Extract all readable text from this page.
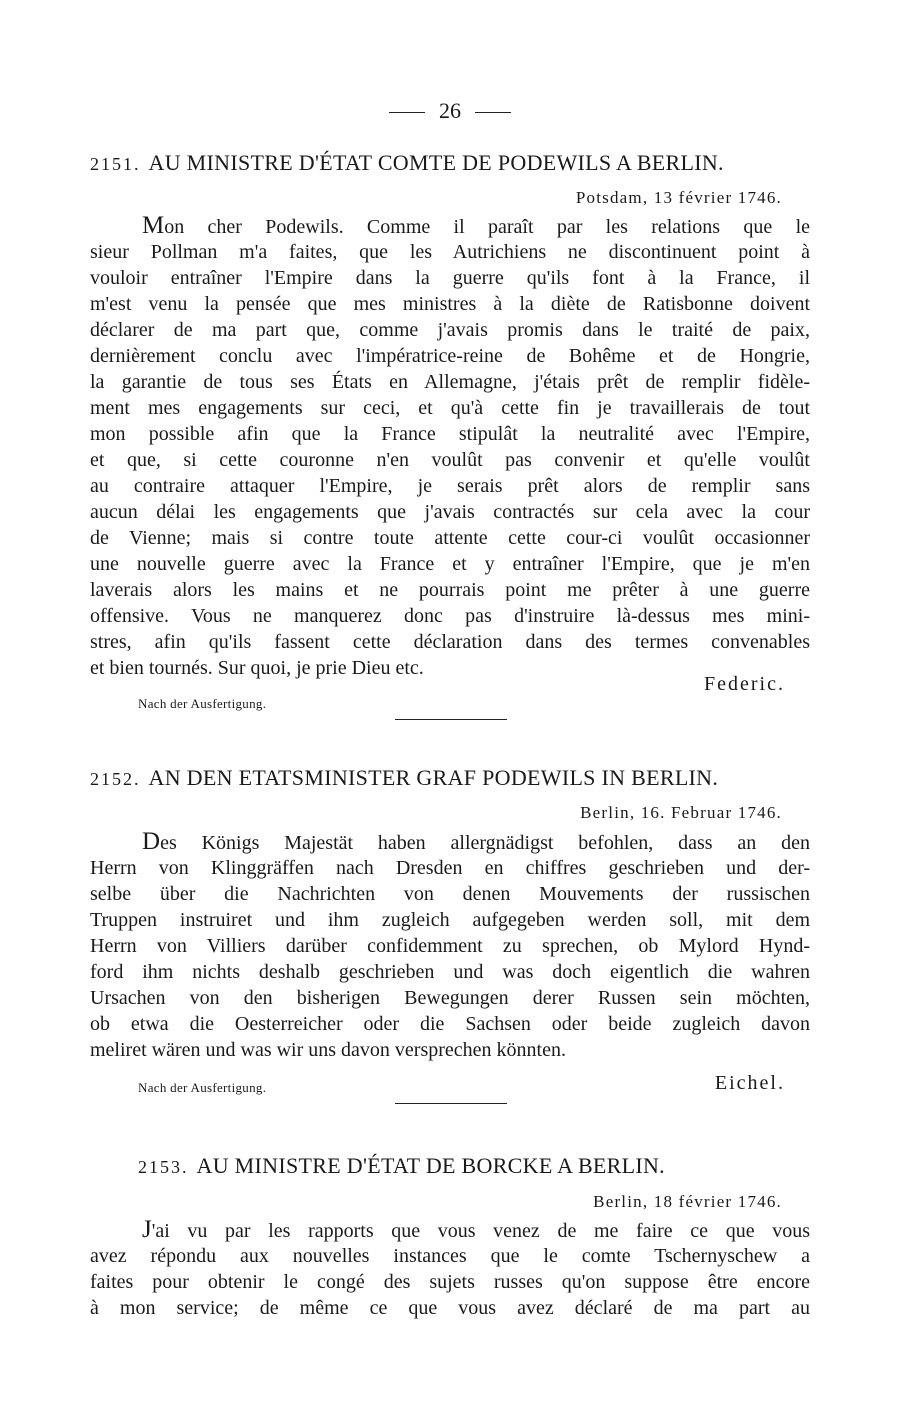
26
2151. AU MINISTRE D'ÉTAT COMTE DE PODEWILS A BERLIN.
Potsdam, 13 février 1746.
Mon cher Podewils. Comme il paraît par les relations que le
sieur Pollman m'a faites, que les Autrichiens ne discontinuent point à
vouloir entraîner l'Empire dans la guerre qu'ils font à la France, il
m'est venu la pensée que mes ministres à la diète de Ratisbonne doivent
déclarer de ma part que, comme j'avais promis dans le traité de paix,
dernièrement conclu avec l'impératrice-reine de Bohême et de Hongrie,
la garantie de tous ses États en Allemagne, j'étais prêt de remplir fidèle-
ment mes engagements sur ceci, et qu'à cette fin je travaillerais de tout
mon possible afin que la France stipulât la neutralité avec l'Empire,
et que, si cette couronne n'en voulût pas convenir et qu'elle voulût
au contraire attaquer l'Empire, je serais prêt alors de remplir sans
aucun délai les engagements que j'avais contractés sur cela avec la cour
de Vienne; mais si contre toute attente cette cour-ci voulût occasionner
une nouvelle guerre avec la France et y entraîner l'Empire, que je m'en
laverais alors les mains et ne pourrais point me prêter à une guerre
offensive. Vous ne manquerez donc pas d'instruire là-dessus mes mini-
stres, afin qu'ils fassent cette déclaration dans des termes convenables
et bien tournés. Sur quoi, je prie Dieu etc.
Federic.
Nach der Ausfertigung.
2152. AN DEN ETATSMINISTER GRAF PODEWILS IN BERLIN.
Berlin, 16. Februar 1746.
Des Königs Majestät haben allergnädigst befohlen, dass an den
Herrn von Klinggräffen nach Dresden en chiffres geschrieben und der-
selbe über die Nachrichten von denen Mouvements der russischen
Truppen instruiret und ihm zugleich aufgegeben werden soll, mit dem
Herrn von Villiers darüber confidemment zu sprechen, ob Mylord Hynd-
ford ihm nichts deshalb geschrieben und was doch eigentlich die wahren
Ursachen von den bisherigen Bewegungen derer Russen sein möchten,
ob etwa die Oesterreicher oder die Sachsen oder beide zugleich davon
meliret wären und was wir uns davon versprechen könnten.
Nach der Ausfertigung.	Eichel.
2153. AU MINISTRE D'ÉTAT DE BORCKE A BERLIN.
Berlin, 18 février 1746.
J'ai vu par les rapports que vous venez de me faire ce que vous
avez répondu aux nouvelles instances que le comte Tschernyschew a
faites pour obtenir le congé des sujets russes qu'on suppose être encore
à mon service; de même ce que vous avez déclaré de ma part au
